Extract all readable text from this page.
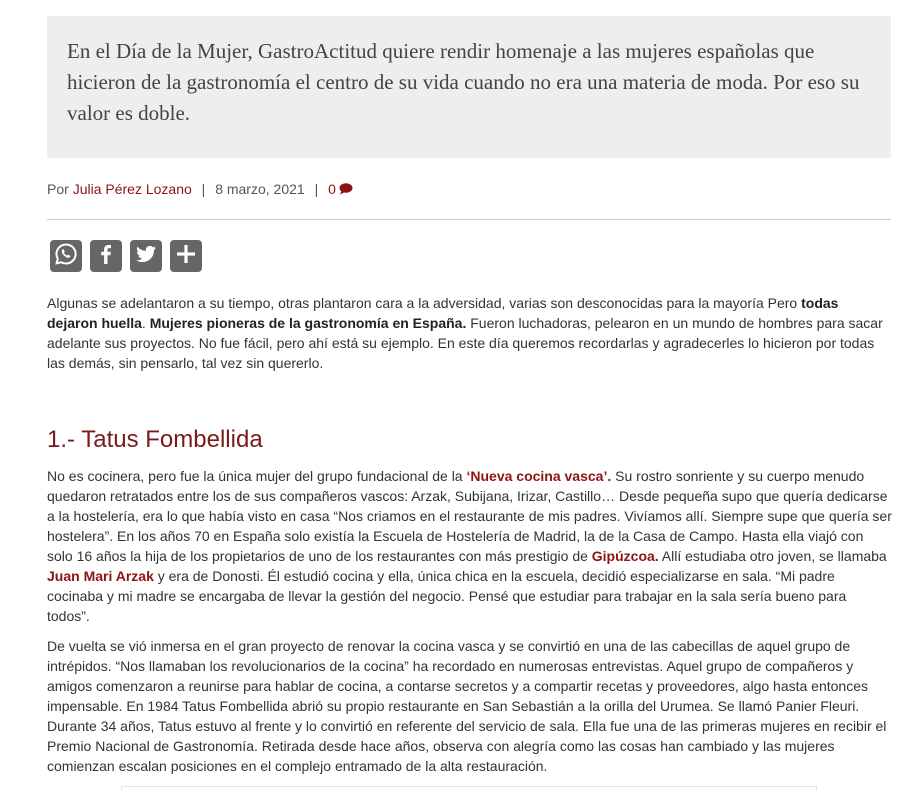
En el Día de la Mujer, GastroActitud quiere rendir homenaje a las mujeres españolas que hicieron de la gastronomía el centro de su vida cuando no era una materia de moda. Por eso su valor es doble.

Por Julia Pérez Lozano | 8 marzo, 2021 | 0

Algunas se adelantaron a su tiempo, otras plantaron cara a la adversidad, varias son desconocidas para la mayoría Pero todas dejaron huella. Mujeres pioneras de la gastronomía en España. Fueron luchadoras, pelearon en un mundo de hombres para sacar adelante sus proyectos. No fue fácil, pero ahí está su ejemplo. En este día queremos recordarlas y agradecerles lo hicieron por todas las demás, sin pensarlo, tal vez sin quererlo.

1.- Tatus Fombellida

No es cocinera, pero fue la única mujer del grupo fundacional de la ‘Nueva cocina vasca’. Su rostro sonriente y su cuerpo menudo quedaron retratados entre los de sus compañeros vascos: Arzak, Subijana, Irizar, Castillo… Desde pequeña supo que quería dedicarse a la hostelería, era lo que había visto en casa “Nos criamos en el restaurante de mis padres. Vivíamos allí. Siempre supe que quería ser hostelera”. En los años 70 en España solo existía la Escuela de Hostelería de Madrid, la de la Casa de Campo. Hasta ella viajó con solo 16 años la hija de los propietarios de uno de los restaurantes con más prestigio de Gipúzcoa. Allí estudiaba otro joven, se llamaba Juan Mari Arzak y era de Donosti. Él estudió cocina y ella, única chica en la escuela, decidió especializarse en sala. “Mi padre cocinaba y mi madre se encargaba de llevar la gestión del negocio. Pensé que estudiar para trabajar en la sala sería bueno para todos”.

De vuelta se vió inmersa en el gran proyecto de renovar la cocina vasca y se convirtió en una de las cabecillas de aquel grupo de intrépidos. “Nos llamaban los revolucionarios de la cocina” ha recordado en numerosas entrevistas. Aquel grupo de compañeros y amigos comenzaron a reunirse para hablar de cocina, a contarse secretos y a compartir recetas y proveedores, algo hasta entonces impensable. En 1984 Tatus Fombellida abrió su propio restaurante en San Sebastián a la orilla del Urumea. Se llamó Panier Fleuri. Durante 34 años, Tatus estuvo al frente y lo convirtió en referente del servicio de sala. Ella fue una de las primeras mujeres en recibir el Premio Nacional de Gastronomía. Retirada desde hace años, observa con alegría como las cosas han cambiado y las mujeres comienzan escalan posiciones en el complejo entramado de la alta restauración.
